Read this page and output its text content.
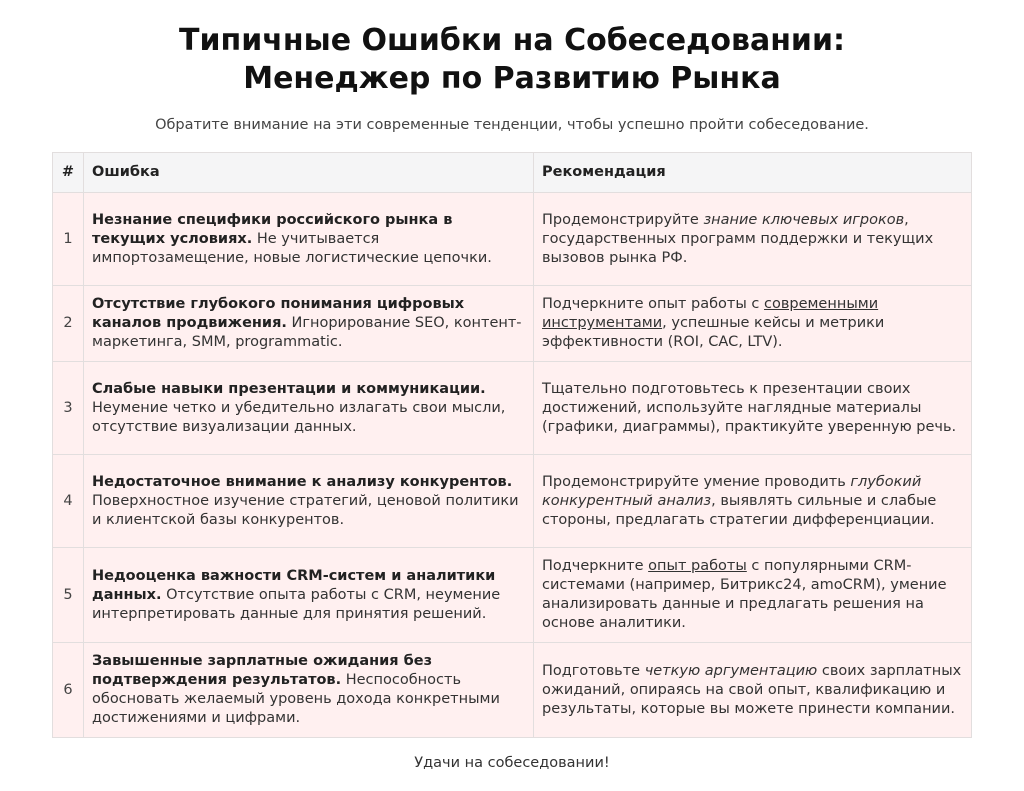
Типичные Ошибки на Собеседовании:
Менеджер по Развитию Рынка

Обратите внимание на эти современные тенденции, чтобы успешно пройти собеседование.

#	Ошибка	Рекомендация
1	Незнание специфики российского рынка в текущих условиях. Не учитывается импортозамещение, новые логистические цепочки.	Продемонстрируйте знание ключевых игроков, государственных программ поддержки и текущих вызовов рынка РФ.
2	Отсутствие глубокого понимания цифровых каналов продвижения. Игнорирование SEO, контент-маркетинга, SMM, programmatic.	Подчеркните опыт работы с современными инструментами, успешные кейсы и метрики эффективности (ROI, CAC, LTV).
3	Слабые навыки презентации и коммуникации. Неумение четко и убедительно излагать свои мысли, отсутствие визуализации данных.	Тщательно подготовьтесь к презентации своих достижений, используйте наглядные материалы (графики, диаграммы), практикуйте уверенную речь.
4	Недостаточное внимание к анализу конкурентов. Поверхностное изучение стратегий, ценовой политики и клиентской базы конкурентов.	Продемонстрируйте умение проводить глубокий конкурентный анализ, выявлять сильные и слабые стороны, предлагать стратегии дифференциации.
5	Недооценка важности CRM-систем и аналитики данных. Отсутствие опыта работы с CRM, неумение интерпретировать данные для принятия решений.	Подчеркните опыт работы с популярными CRM-системами (например, Битрикс24, amoCRM), умение анализировать данные и предлагать решения на основе аналитики.
6	Завышенные зарплатные ожидания без подтверждения результатов. Неспособность обосновать желаемый уровень дохода конкретными достижениями и цифрами.	Подготовьте четкую аргументацию своих зарплатных ожиданий, опираясь на свой опыт, квалификацию и результаты, которые вы можете принести компании.

Удачи на собеседовании!
